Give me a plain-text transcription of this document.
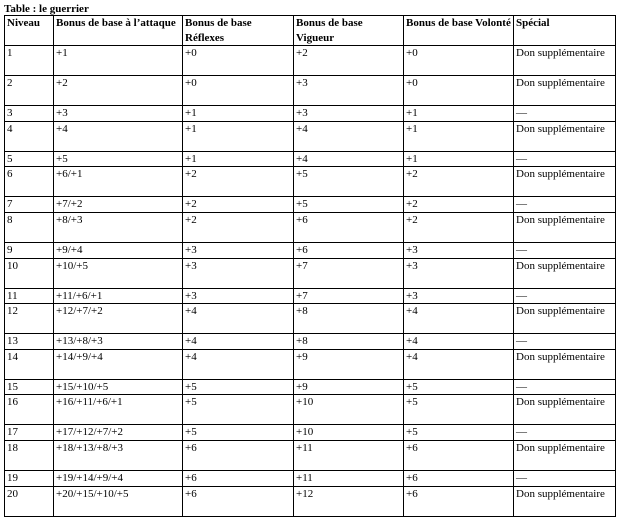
Table : le guerrier
Niveau	Bonus de base à l’attaque	Bonus de base Réflexes	Bonus de base Vigueur	Bonus de base Volonté	Spécial
1	+1	+0	+2	+0	Don supplémentaire
2	+2	+0	+3	+0	Don supplémentaire
3	+3	+1	+3	+1	—
4	+4	+1	+4	+1	Don supplémentaire
5	+5	+1	+4	+1	—
6	+6/+1	+2	+5	+2	Don supplémentaire
7	+7/+2	+2	+5	+2	—
8	+8/+3	+2	+6	+2	Don supplémentaire
9	+9/+4	+3	+6	+3	—
10	+10/+5	+3	+7	+3	Don supplémentaire
11	+11/+6/+1	+3	+7	+3	—
12	+12/+7/+2	+4	+8	+4	Don supplémentaire
13	+13/+8/+3	+4	+8	+4	—
14	+14/+9/+4	+4	+9	+4	Don supplémentaire
15	+15/+10/+5	+5	+9	+5	—
16	+16/+11/+6/+1	+5	+10	+5	Don supplémentaire
17	+17/+12/+7/+2	+5	+10	+5	—
18	+18/+13/+8/+3	+6	+11	+6	Don supplémentaire
19	+19/+14/+9/+4	+6	+11	+6	—
20	+20/+15/+10/+5	+6	+12	+6	Don supplémentaire
